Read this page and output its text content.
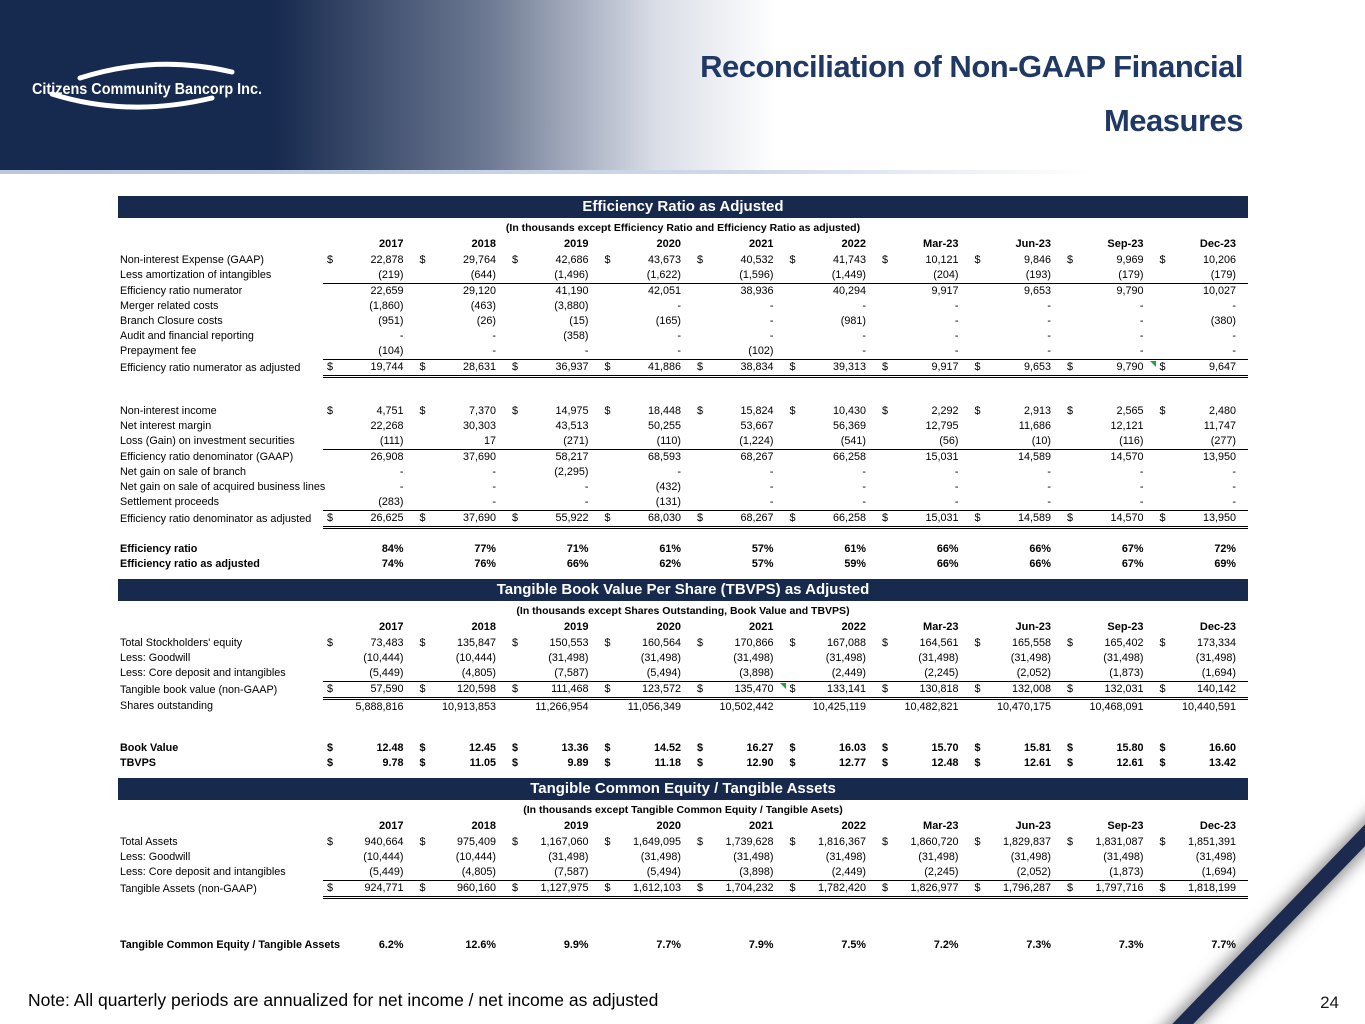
Citizens Community Bancorp Inc.
Reconciliation of Non-GAAP Financial
Measures
Efficiency Ratio as Adjusted
(In thousands except Efficiency Ratio and Efficiency Ratio as adjusted)
	2017	2018	2019	2020	2021	2022	Mar-23	Jun-23	Sep-23	Dec-23
Non-interest Expense (GAAP)	$ 22,878	$ 29,764	$ 42,686	$ 43,673	$ 40,532	$ 41,743	$ 10,121	$ 9,846	$ 9,969	$ 10,206

Less amortization of intangibles	(219)	(644)	(1,496)	(1,622)	(1,596)	(1,449)	(204)	(193)	(179)	(179)

Efficiency ratio numerator	22,659	29,120	41,190	42,051	38,936	40,294	9,917	9,653	9,790	10,027

Merger related costs	(1,860)	(463)	(3,880)	-	-	-	-	-	-	-

Branch Closure costs	(951)	(26)	(15)	(165)	-	(981)	-	-	-	(380)

Audit and financial reporting	-	-	(358)	-	-	-	-	-	-	-

Prepayment fee	(104)	-	-	-	(102)	-	-	-	-	-

Efficiency ratio numerator as adjusted	$ 19,744	$ 28,631	$ 36,937	$ 41,886	$ 38,834	$ 39,313	$ 9,917	$ 9,653	$ 9,790	$ 9,647

Non-interest income	$ 4,751	$ 7,370	$ 14,975	$ 18,448	$ 15,824	$ 10,430	$ 2,292	$ 2,913	$ 2,565	$ 2,480

Net interest margin	22,268	30,303	43,513	50,255	53,667	56,369	12,795	11,686	12,121	11,747

Loss (Gain) on investment securities	(111)	17	(271)	(110)	(1,224)	(541)	(56)	(10)	(116)	(277)

Efficiency ratio denominator (GAAP)	26,908	37,690	58,217	68,593	68,267	66,258	15,031	14,589	14,570	13,950

Net gain on sale of branch	-	-	(2,295)	-	-	-	-	-	-	-

Net gain on sale of acquired business lines	-	-	-	(432)	-	-	-	-	-	-

Settlement proceeds	(283)	-	-	(131)	-	-	-	-	-	-

Efficiency ratio denominator as adjusted	$ 26,625	$ 37,690	$ 55,922	$ 68,030	$ 68,267	$ 66,258	$ 15,031	$ 14,589	$ 14,570	$ 13,950

Efficiency ratio	84%	77%	71%	61%	57%	61%	66%	66%	67%	72%

Efficiency ratio as adjusted	74%	76%	66%	62%	57%	59%	66%	66%	67%	69%
Tangible Book Value Per Share (TBVPS) as Adjusted
(In thousands except Shares Outstanding, Book Value and TBVPS)
	2017	2018	2019	2020	2021	2022	Mar-23	Jun-23	Sep-23	Dec-23
Total Stockholders' equity	$ 73,483	$ 135,847	$ 150,553	$ 160,564	$ 170,866	$ 167,088	$ 164,561	$ 165,558	$ 165,402	$ 173,334

Less: Goodwill	(10,444)	(10,444)	(31,498)	(31,498)	(31,498)	(31,498)	(31,498)	(31,498)	(31,498)	(31,498)

Less: Core deposit and intangibles	(5,449)	(4,805)	(7,587)	(5,494)	(3,898)	(2,449)	(2,245)	(2,052)	(1,873)	(1,694)

Tangible book value (non-GAAP)	$ 57,590	$ 120,598	$ 111,468	$ 123,572	$ 135,470	$ 133,141	$ 130,818	$ 132,008	$ 132,031	$ 140,142

Shares outstanding	5,888,816	10,913,853	11,266,954	11,056,349	10,502,442	10,425,119	10,482,821	10,470,175	10,468,091	10,440,591

Book Value	$ 12.48	$ 12.45	$ 13.36	$ 14.52	$ 16.27	$ 16.03	$ 15.70	$ 15.81	$ 15.80	$ 16.60

TBVPS	$ 9.78	$ 11.05	$ 9.89	$ 11.18	$ 12.90	$ 12.77	$ 12.48	$ 12.61	$ 12.61	$ 13.42
Tangible Common Equity / Tangible Assets
(In thousands except Tangible Common Equity / Tangible Asets)
	2017	2018	2019	2020	2021	2022	Mar-23	Jun-23	Sep-23	Dec-23
Total Assets	$ 940,664	$ 975,409	$ 1,167,060	$ 1,649,095	$ 1,739,628	$ 1,816,367	$ 1,860,720	$ 1,829,837	$ 1,831,087	$ 1,851,391

Less: Goodwill	(10,444)	(10,444)	(31,498)	(31,498)	(31,498)	(31,498)	(31,498)	(31,498)	(31,498)	(31,498)

Less: Core deposit and intangibles	(5,449)	(4,805)	(7,587)	(5,494)	(3,898)	(2,449)	(2,245)	(2,052)	(1,873)	(1,694)

Tangible Assets (non-GAAP)	$ 924,771	$ 960,160	$ 1,127,975	$ 1,612,103	$ 1,704,232	$ 1,782,420	$ 1,826,977	$ 1,796,287	$ 1,797,716	$ 1,818,199

Tangible Common Equity / Tangible Assets	6.2%	12.6%	9.9%	7.7%	7.9%	7.5%	7.2%	7.3%	7.3%	7.7%
Note: All quarterly periods are annualized for net income / net income as adjusted	24
